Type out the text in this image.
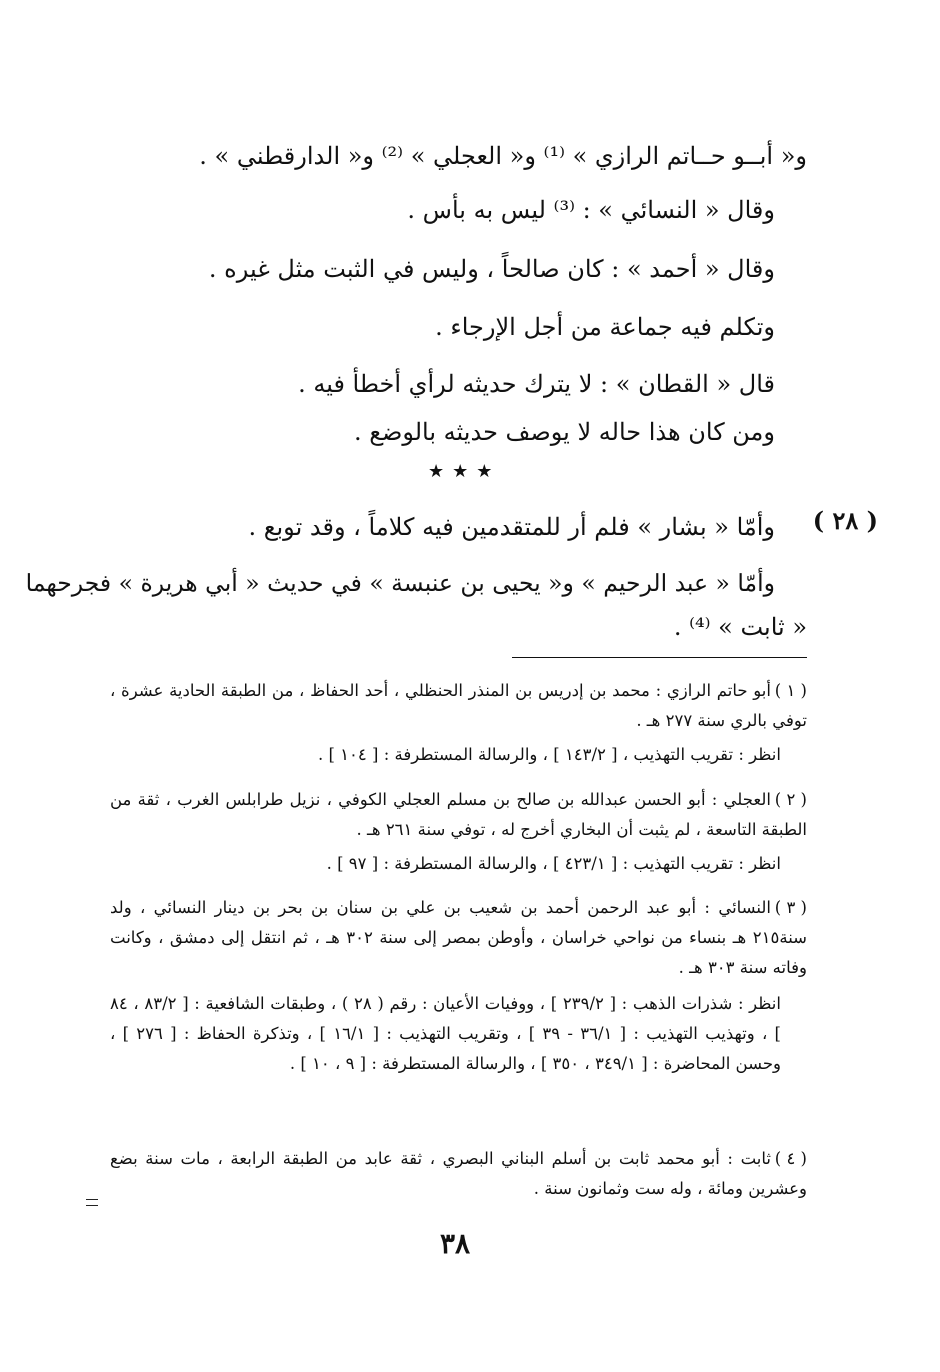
و« أبــو حــاتم الرازي » ⁽¹⁾ و« العجلي » ⁽²⁾ و« الدارقطني » .
وقال « النسائي » : ⁽³⁾ ليس به بأس .
وقال « أحمد » : كان صالحاً ، وليس في الثبت مثل غيره .
وتكلم فيه جماعة من أجل الإرجاء .
قال « القطان » : لا يترك حديثه لرأي أخطأ فيه .
ومن كان هذا حاله لا يوصف حديثه بالوضع .
★★★
( ٢٨ )
وأمّا « بشار » فلم أر للمتقدمين فيه كلاماً ، وقد توبع .
وأمّا « عبد الرحيم » و« يحيى بن عنبسة » في حديث « أبي هريرة » فجرحهما
« ثابت » ⁽⁴⁾ .

( ١ )أبو حاتم الرازي : محمد بن إدريس بن المنذر الحنظلي ، أحد الحفاظ ، من الطبقة الحادية عشرة ، توفي بالري سنة ٢٧٧ هـ .

انظر : تقريب التهذيب ، [ ١٤٣/٢ ] ، والرسالة المستطرفة : [ ١٠٤ ] .

( ٢ )العجلي : أبو الحسن عبدالله بن صالح بن مسلم العجلي الكوفي ، نزيل طرابلس الغرب ، ثقة من الطبقة التاسعة ، لم يثبت أن البخاري أخرج له ، توفي سنة ٢٦١ هـ .

انظر : تقريب التهذيب : [ ٤٢٣/١ ] ، والرسالة المستطرفة : [ ٩٧ ] .

( ٣ )النسائي : أبو عبد الرحمن أحمد بن شعيب بن علي بن سنان بن بحر بن دينار النسائي ، ولد سنة٢١٥ هـ بنساء من نواحي خراسان ، وأوطن بمصر إلى سنة ٣٠٢ هـ ، ثم انتقل إلى دمشق ، وكانت وفاته سنة ٣٠٣ هـ .

انظر : شذرات الذهب : [ ٢٣٩/٢ ] ، ووفيات الأعيان : رقم ( ٢٨ ) ، وطبقات الشافعية : [ ٨٣/٢ ، ٨٤ ] ، وتهذيب التهذيب : [ ٣٦/١ - ٣٩ ] ، وتقريب التهذيب : [ ١٦/١ ] ، وتذكرة الحفاظ : [ ٢٧٦ ] ، وحسن المحاضرة : [ ٣٤٩/١ ، ٣٥٠ ] ، والرسالة المستطرفة : [ ٩ ، ١٠ ] .

( ٤ )ثابت : أبو محمد ثابت بن أسلم البناني البصري ، ثقة عابد من الطبقة الرابعة ، مات سنة بضع وعشرين ومائة ، وله ست وثمانون سنة .

٣٨
